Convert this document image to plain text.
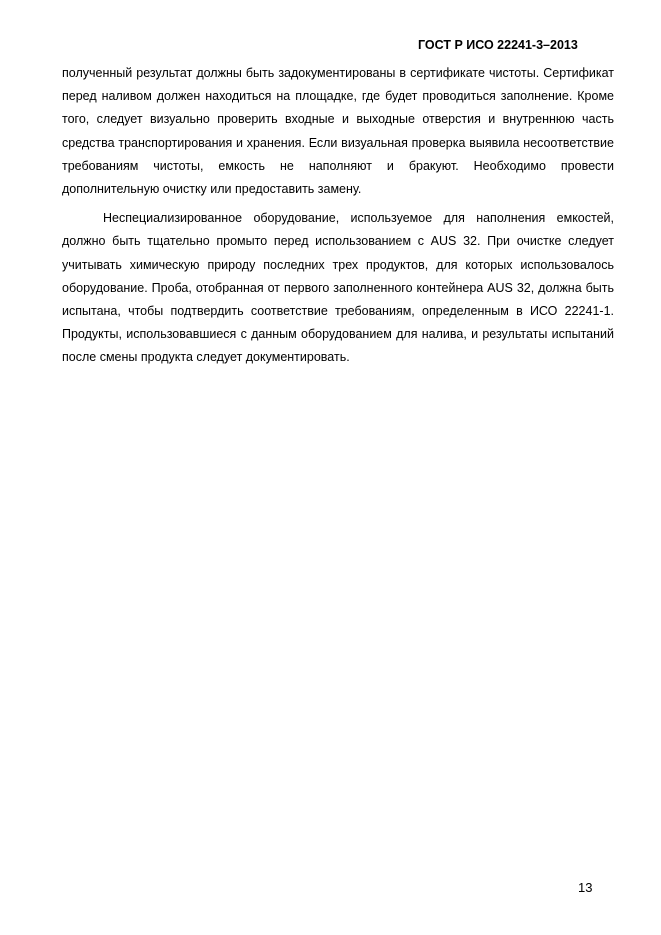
ГОСТ Р ИСО 22241-3–2013

полученный результат должны быть задокументированы в сертификате чистоты. Сертификат перед наливом должен находиться на площадке, где будет проводиться заполнение. Кроме того, следует визуально проверить входные и выходные отверстия и внутреннюю часть средства транспортирования и хранения. Если визуальная проверка выявила несоответствие требованиям чистоты, емкость не наполняют и бракуют. Необходимо провести дополнительную очистку или предоставить замену.

Неспециализированное оборудование, используемое для наполнения емкостей, должно быть тщательно промыто перед использованием с AUS 32. При очистке следует учитывать химическую природу последних трех продуктов, для которых использовалось оборудование. Проба, отобранная от первого заполненного контейнера AUS 32, должна быть испытана, чтобы подтвердить соответствие требованиям, определенным в ИСО 22241-1. Продукты, использовавшиеся с данным оборудованием для налива, и результаты испытаний после смены продукта следует документировать.

13
